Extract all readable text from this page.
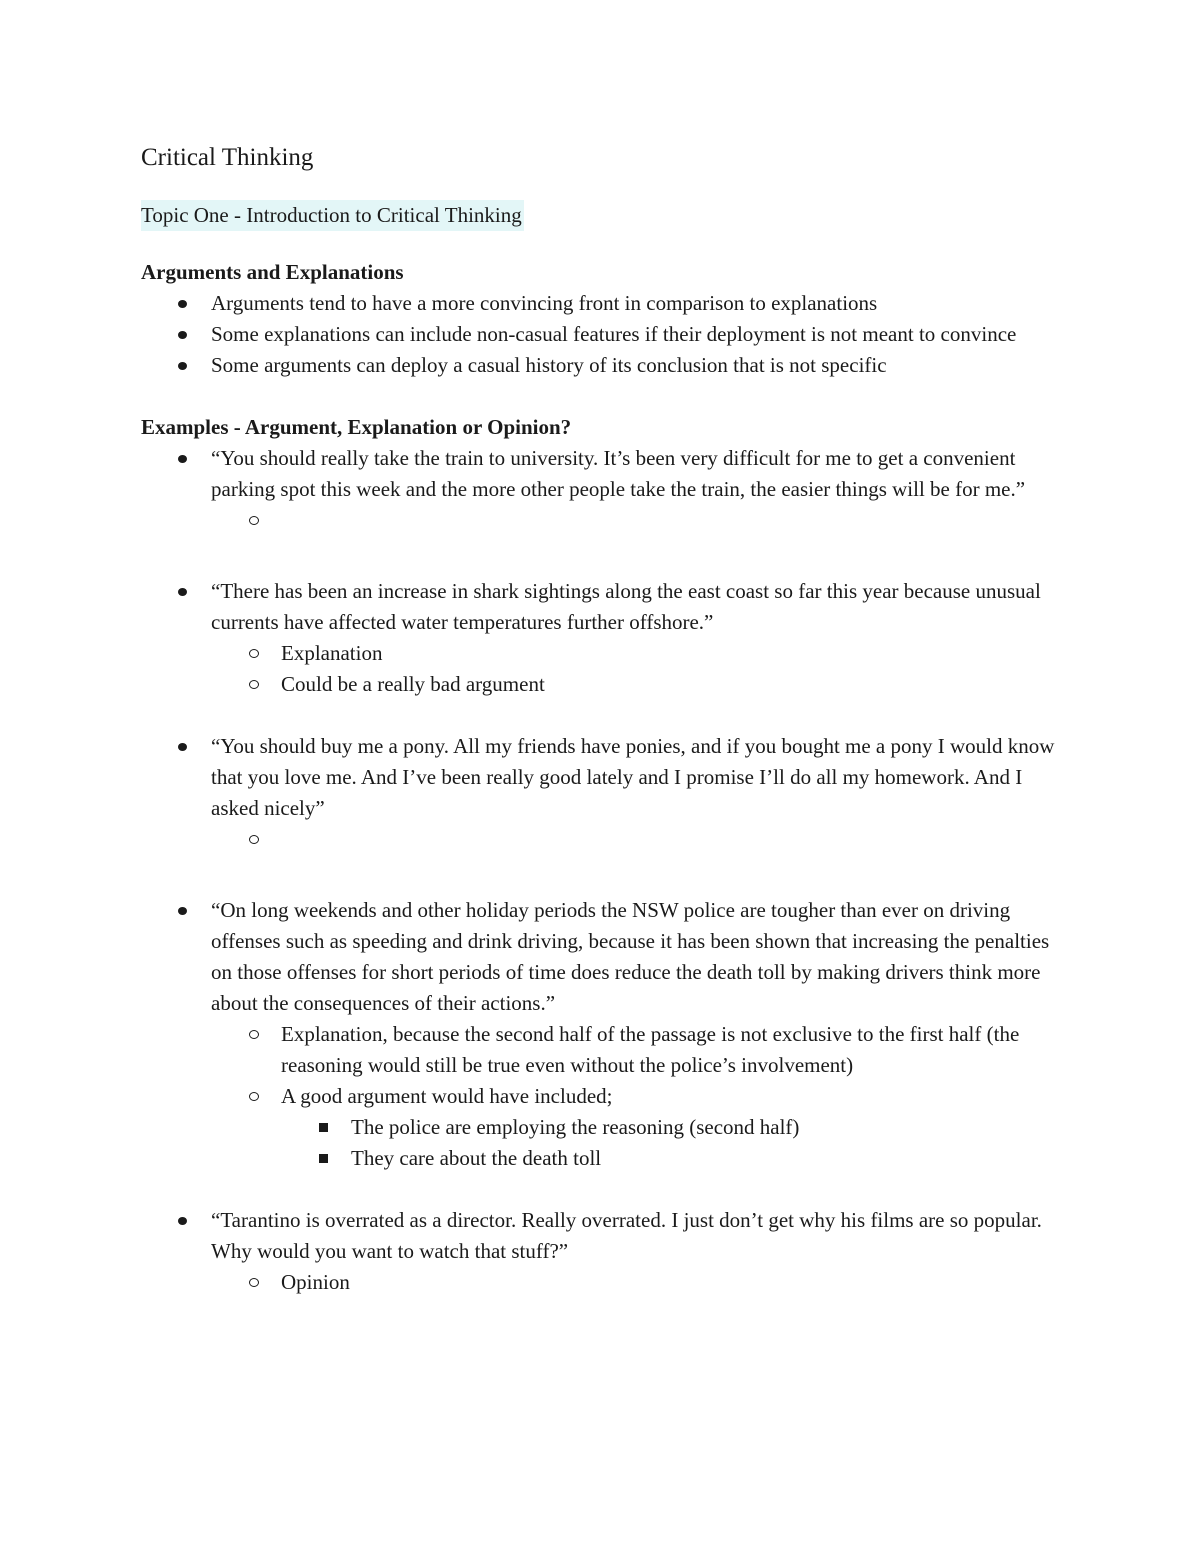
Critical Thinking
Topic One - Introduction to Critical Thinking

Arguments and Explanations

Arguments tend to have a more convincing front in comparison to explanations
Some explanations can include non-casual features if their deployment is not meant to convince
Some arguments can deploy a casual history of its conclusion that is not specific

Examples - Argument, Explanation or Opinion?

“You should really take the train to university. It’s been very difficult for me to get a convenient parking spot this week and the more other people take the train, the easier things will be for me.”
“There has been an increase in shark sightings along the east coast so far this year because unusual currents have affected water temperatures further offshore.”
Explanation
Could be a really bad argument
“You should buy me a pony. All my friends have ponies, and if you bought me a pony I would know that you love me. And I’ve been really good lately and I promise I’ll do all my homework. And I asked nicely”
“On long weekends and other holiday periods the NSW police are tougher than ever on driving offenses such as speeding and drink driving, because it has been shown that increasing the penalties on those offenses for short periods of time does reduce the death toll by making drivers think more about the consequences of their actions.”
Explanation, because the second half of the passage is not exclusive to the first half (the reasoning would still be true even without the police’s involvement)
A good argument would have included;
The police are employing the reasoning (second half)
They care about the death toll
“Tarantino is overrated as a director. Really overrated. I just don’t get why his films are so popular. Why would you want to watch that stuff?”
Opinion
